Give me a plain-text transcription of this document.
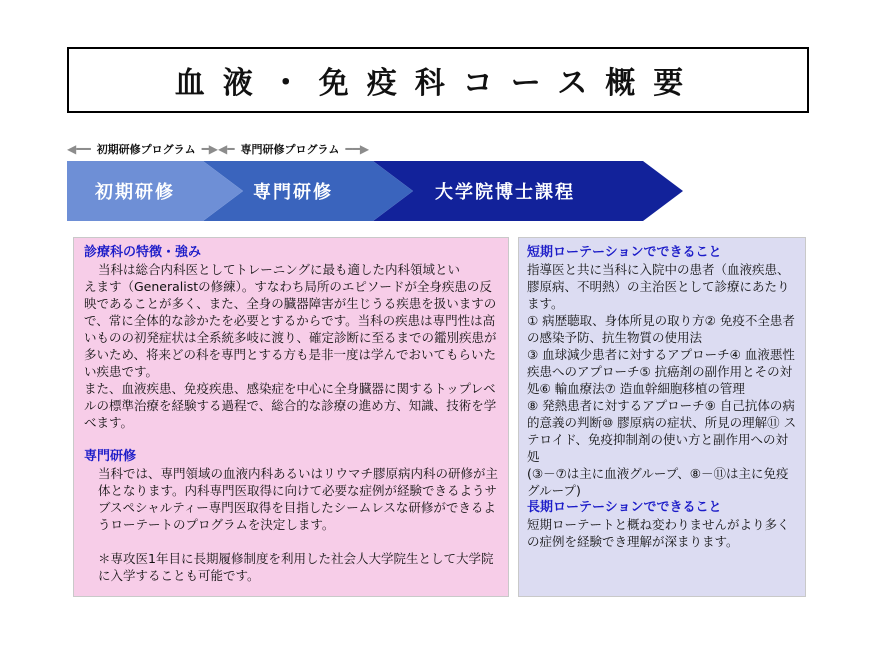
血液・免疫科コース概要
◀━━ 初期研修プログラム ━▶◀━ 専門研修プログラム ━━▶
初期研修	専門研修	大学院博士課程
診療科の特徴・強み

当科は総合内科医としてトレーニングに最も適した内科領域とい

えます（Generalistの修練）。すなわち局所のエピソードが全身疾患の反映であることが多く、また、全身の臓器障害が生じうる疾患を扱いますので、常に全体的な診かたを必要とするからです。当科の疾患は専門性は高いものの初発症状は全系統多岐に渡り、確定診断に至るまでの鑑別疾患が多いため、将来どの科を専門とする方も是非一度は学んでおいてもらいたい疾患です。

また、血液疾患、免疫疾患、感染症を中心に全身臓器に関するトップレベルの標準治療を経験する過程で、総合的な診療の進め方、知識、技術を学べます。

専門研修

当科では、専門領域の血液内科あるいはリウマチ膠原病内科の研修が主体となります。内科専門医取得に向けて必要な症例が経験できるようサブスペシャルティー専門医取得を目指したシームレスな研修ができるようローテートのプログラムを決定します。

＊専攻医1年目に長期履修制度を利用した社会人大学院生として大学院に入学することも可能です。

短期ローテーションでできること

指導医と共に当科に入院中の患者（血液疾患、膠原病、不明熱）の主治医として診療にあたります。

① 病歴聴取、身体所見の取り方② 免疫不全患者の感染予防、抗生物質の使用法

③ 血球減少患者に対するアプローチ④ 血液悪性疾患へのアプローチ⑤ 抗癌剤の副作用とその対処⑥ 輸血療法⑦ 造血幹細胞移植の管理

⑧ 発熱患者に対するアプローチ⑨ 自己抗体の病的意義の判断⑩ 膠原病の症状、所見の理解⑪ ステロイド、免疫抑制剤の使い方と副作用への対処

(③－⑦は主に血液グループ、⑧－⑪は主に免疫グループ)

長期ローテーションでできること

短期ローテートと概ね変わりませんがより多くの症例を経験でき理解が深まります。
